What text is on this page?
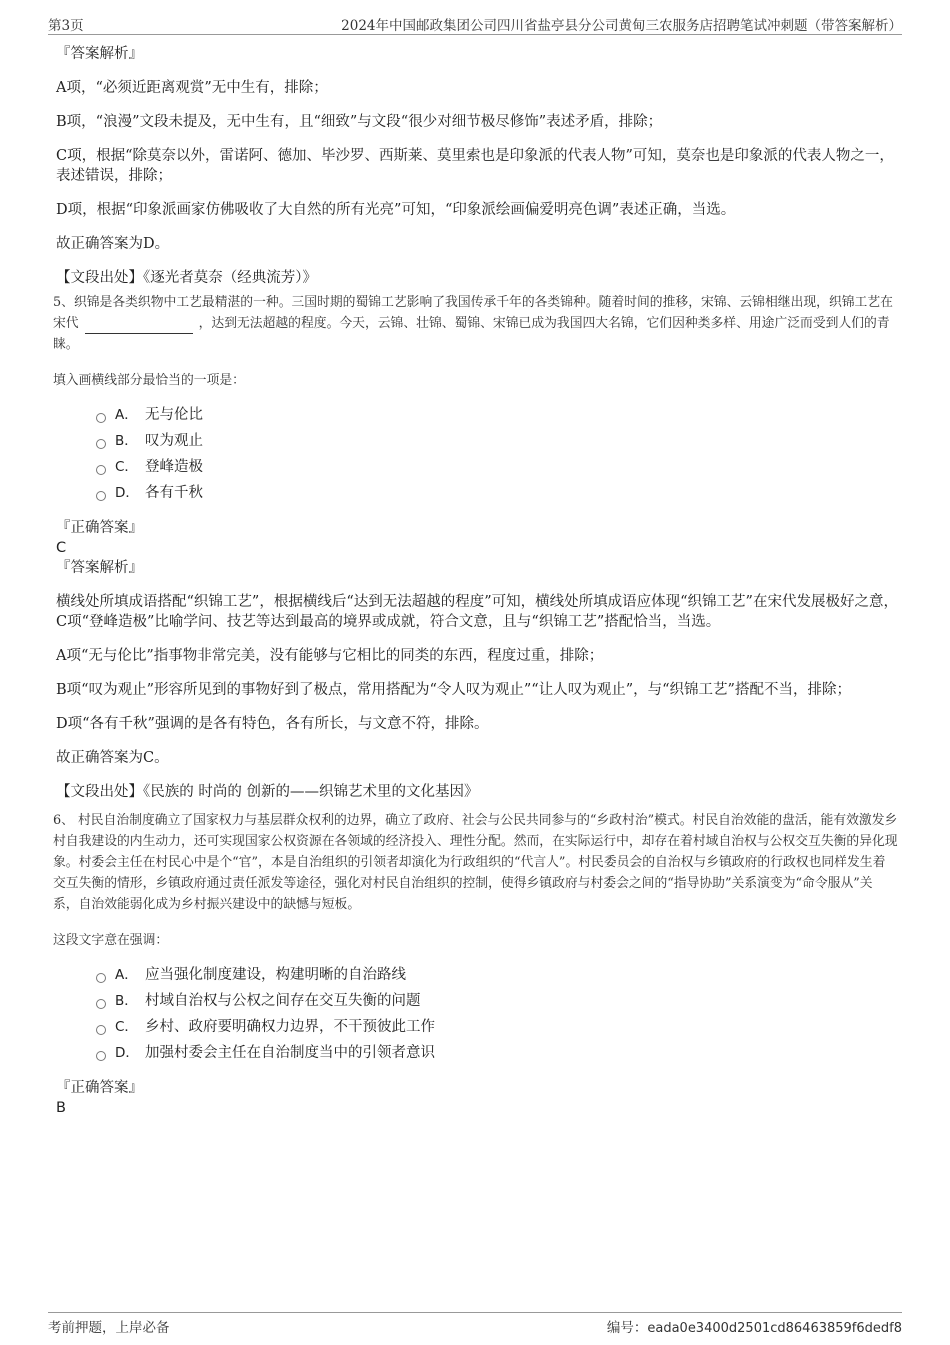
第3页	2024年中国邮政集团公司四川省盐亭县分公司黄甸三农服务店招聘笔试冲刺题（带答案解析）
『答案解析』
A项，“必须近距离观赏”无中生有，排除；
B项，“浪漫”文段未提及，无中生有，且“细致”与文段“很少对细节极尽修饰”表述矛盾，排除；
C项，根据“除莫奈以外，雷诺阿、德加、毕沙罗、西斯莱、莫里索也是印象派的代表人物”可知，莫奈也是印象派的代表人物之一，表述错误，排除；
D项，根据“印象派画家仿佛吸收了大自然的所有光亮”可知，“印象派绘画偏爱明亮色调”表述正确，当选。
故正确答案为D。
【文段出处】《逐光者莫奈（经典流芳）》
5、织锦是各类织物中工艺最精湛的一种。三国时期的蜀锦工艺影响了我国传承千年的各类锦种。随着时间的推移，宋锦、云锦相继出现，织锦工艺在宋代	，达到无法超越的程度。今天，云锦、壮锦、蜀锦、宋锦已成为我国四大名锦，它们因种类多样、用途广泛而受到人们的青睐。
填入画横线部分最恰当的一项是：
A． 无与伦比
B． 叹为观止
C． 登峰造极
D． 各有千秋
『正确答案』
C
『答案解析』
横线处所填成语搭配“织锦工艺”，根据横线后“达到无法超越的程度”可知，横线处所填成语应体现“织锦工艺”在宋代发展极好之意，C项“登峰造极”比喻学问、技艺等达到最高的境界或成就，符合文意，且与“织锦工艺”搭配恰当，当选。
A项“无与伦比”指事物非常完美，没有能够与它相比的同类的东西，程度过重，排除；
B项“叹为观止”形容所见到的事物好到了极点，常用搭配为“令人叹为观止”“让人叹为观止”，与“织锦工艺”搭配不当，排除；
D项“各有千秋”强调的是各有特色，各有所长，与文意不符，排除。
故正确答案为C。
【文段出处】《民族的 时尚的 创新的——织锦艺术里的文化基因》
6、 村民自治制度确立了国家权力与基层群众权利的边界，确立了政府、社会与公民共同参与的“乡政村治”模式。村民自治效能的盘活，能有效激发乡村自我建设的内生动力，还可实现国家公权资源在各领域的经济投入、理性分配。然而，在实际运行中，却存在着村域自治权与公权交互失衡的异化现象。村委会主任在村民心中是个“官”，本是自治组织的引领者却演化为行政组织的“代言人”。村民委员会的自治权与乡镇政府的行政权也同样发生着交互失衡的情形，乡镇政府通过责任派发等途径，强化对村民自治组织的控制，使得乡镇政府与村委会之间的“指导协助”关系演变为“命令服从”关系，自治效能弱化成为乡村振兴建设中的缺憾与短板。
这段文字意在强调：
A． 应当强化制度建设，构建明晰的自治路线
B． 村域自治权与公权之间存在交互失衡的问题
C． 乡村、政府要明确权力边界，不干预彼此工作
D． 加强村委会主任在自治制度当中的引领者意识
『正确答案』
B
考前押题，上岸必备	编号：eada0e3400d2501cd86463859f6dedf8
